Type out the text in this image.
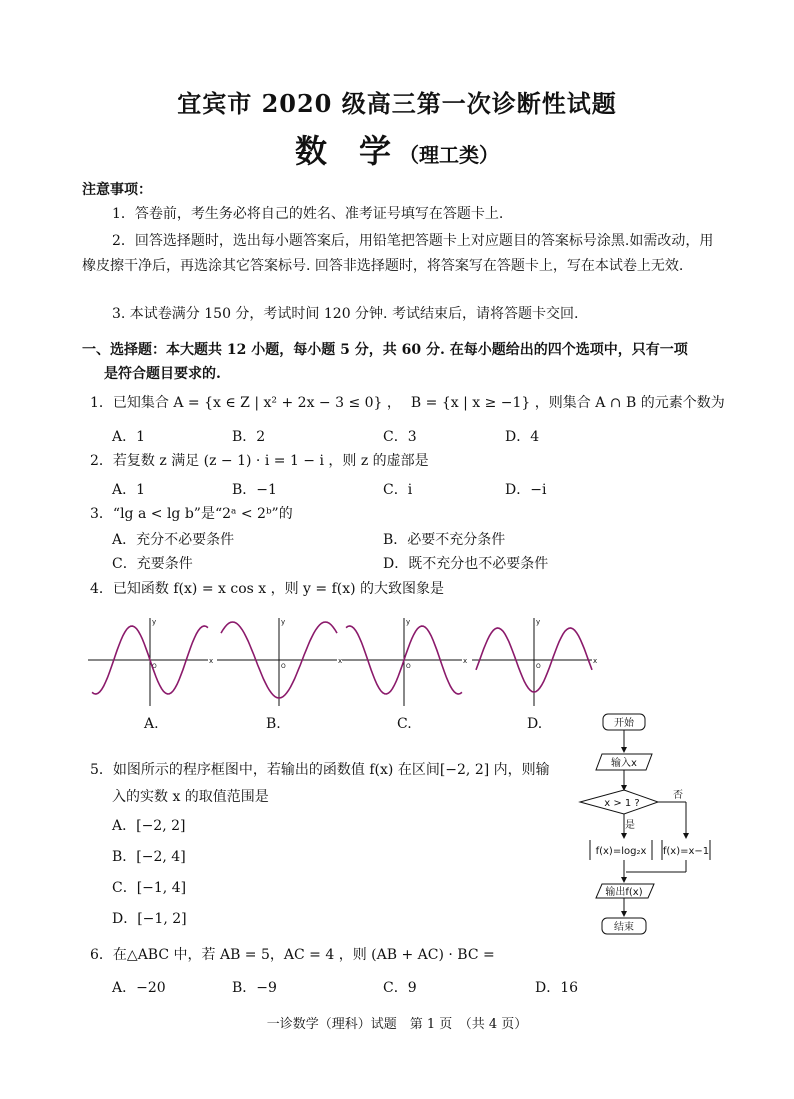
宜宾市 2020 级高三第一次诊断性试题
数　学 （理工类）
注意事项：
1．答卷前，考生务必将自己的姓名、准考证号填写在答题卡上.
2．回答选择题时，选出每小题答案后，用铅笔把答题卡上对应题目的答案标号涂黑.如需改动，用橡皮擦干净后，再选涂其它答案标号. 回答非选择题时，将答案写在答题卡上，写在本试卷上无效.
3. 本试卷满分 150 分，考试时间 120 分钟. 考试结束后，请将答题卡交回.
一、选择题：本大题共 12 小题，每小题 5 分，共 60 分. 在每小题给出的四个选项中，只有一项
是符合题目要求的.
1．已知集合 A = {x ∈ Z | x² + 2x − 3 ≤ 0} ， B = {x | x ≥ −1} ，则集合 A ∩ B 的元素个数为
A．1	B．2	C．3	D．4
2．若复数 z 满足 (z − 1) · i = 1 − i ，则 z 的虚部是
A．1	B．−1	C．i	D．−i
3．“lg a < lg b”是“2ᵃ < 2ᵇ”的
A．充分不必要条件	B．必要不充分条件
C．充要条件	D．既不充分也不必要条件
4．已知函数 f(x) = x cos x ，则 y = f(x) 的大致图象是
x
y
O
x
y
O
x
y
O
x
y
O
A.	B.	C.	D.
5．如图所示的程序框图中，若输出的函数值 f(x) 在区间[−2, 2] 内，则输
入的实数 x 的取值范围是
A．[−2, 2]
B．[−2, 4]
C．[−1, 4]
D．[−1, 2]
开始
输入x
x > 1 ?
是
否
f(x)=log₂x f(x)=x−1
输出f(x)
结束
6．在△ABC 中，若 AB = 5，AC = 4 ，则 (AB + AC) · BC =
A．−20	B．−9	C．9	D．16
一诊数学（理科）试题　第 1 页　（共 4 页）
